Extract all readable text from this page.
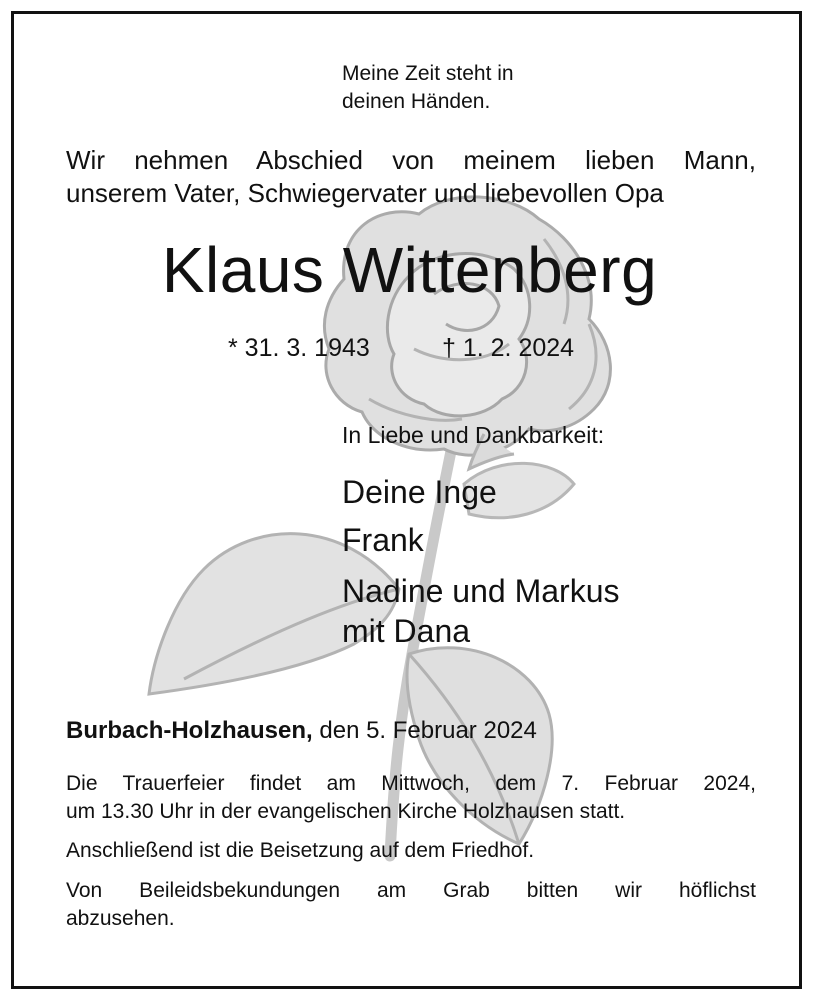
Meine Zeit steht in

deinen Händen.

Wir nehmen Abschied von meinem lieben Mann,

unserem Vater, Schwiegervater und liebevollen Opa

Klaus Wittenberg

* 31. 3. 1943	† 1. 2. 2024

In Liebe und Dankbarkeit:

Deine Inge

Frank

Nadine und Markus

mit Dana

Burbach-Holzhausen, den 5. Februar 2024

Die Trauerfeier findet am Mittwoch, dem 7. Februar 2024,

um 13.30 Uhr in der evangelischen Kirche Holzhausen statt.

Anschließend ist die Beisetzung auf dem Friedhof.

Von Beileidsbekundungen am Grab bitten wir höflichst

abzusehen.
